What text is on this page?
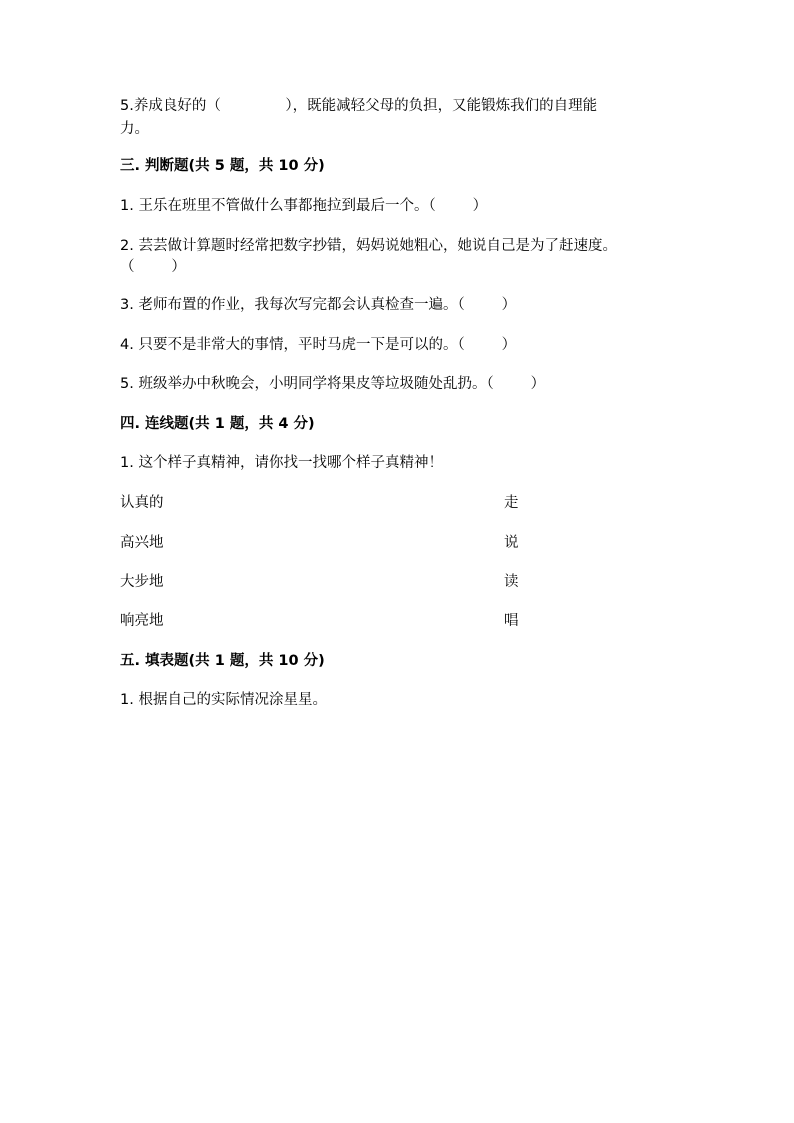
5.养成良好的（              ），既能减轻父母的负担，又能锻炼我们的自理能
力。
三. 判断题(共 5 题，共 10 分)
1. 王乐在班里不管做什么事都拖拉到最后一个。（        ）
2. 芸芸做计算题时经常把数字抄错，妈妈说她粗心，她说自己是为了赶速度。
（        ）
3. 老师布置的作业，我每次写完都会认真检查一遍。（        ）
4. 只要不是非常大的事情，平时马虎一下是可以的。（        ）
5. 班级举办中秋晚会，小明同学将果皮等垃圾随处乱扔。（        ）
四. 连线题(共 1 题，共 4 分)
1. 这个样子真精神，请你找一找哪个样子真精神！
认真的	走
高兴地	说
大步地	读
响亮地	唱
五. 填表题(共 1 题，共 10 分)
1. 根据自己的实际情况涂星星。
